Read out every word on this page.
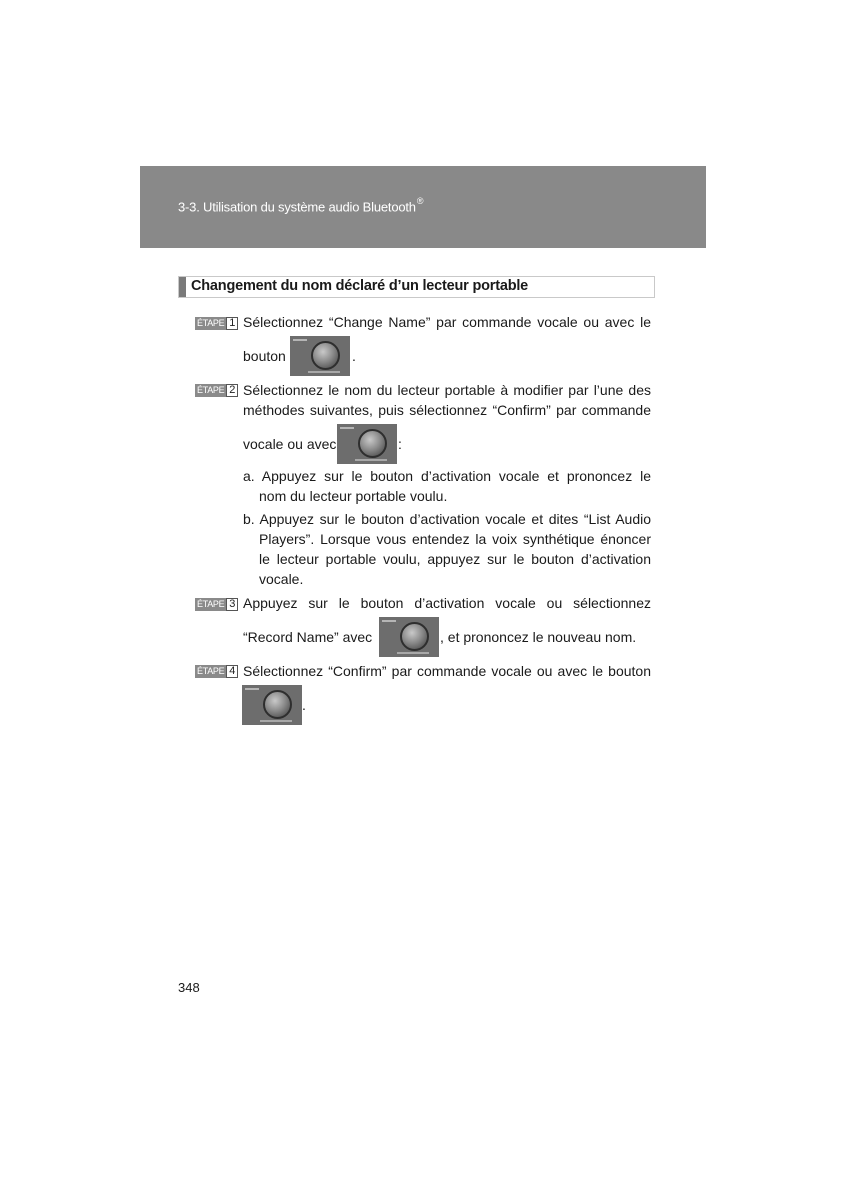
3-3. Utilisation du système audio Bluetooth®
Changement du nom déclaré d’un lecteur portable
ÉTAPE 1 Sélectionnez “Change Name” par commande vocale ou avec le
bouton	.
ÉTAPE 2 Sélectionnez le nom du lecteur portable à modifier par l’une des
méthodes suivantes, puis sélectionnez “Confirm” par commande
vocale ou avec	:
a. Appuyez sur le bouton d’activation vocale et prononcez le
nom du lecteur portable voulu.
b. Appuyez sur le bouton d’activation vocale et dites “List Audio
Players”. Lorsque vous entendez la voix synthétique énoncer
le lecteur portable voulu, appuyez sur le bouton d’activation
vocale.
ÉTAPE 3 Appuyez sur le bouton d’activation vocale ou sélectionnez
“Record Name” avec	, et prononcez le nouveau nom.
ÉTAPE 4 Sélectionnez “Confirm” par commande vocale ou avec le bouton
.
348
